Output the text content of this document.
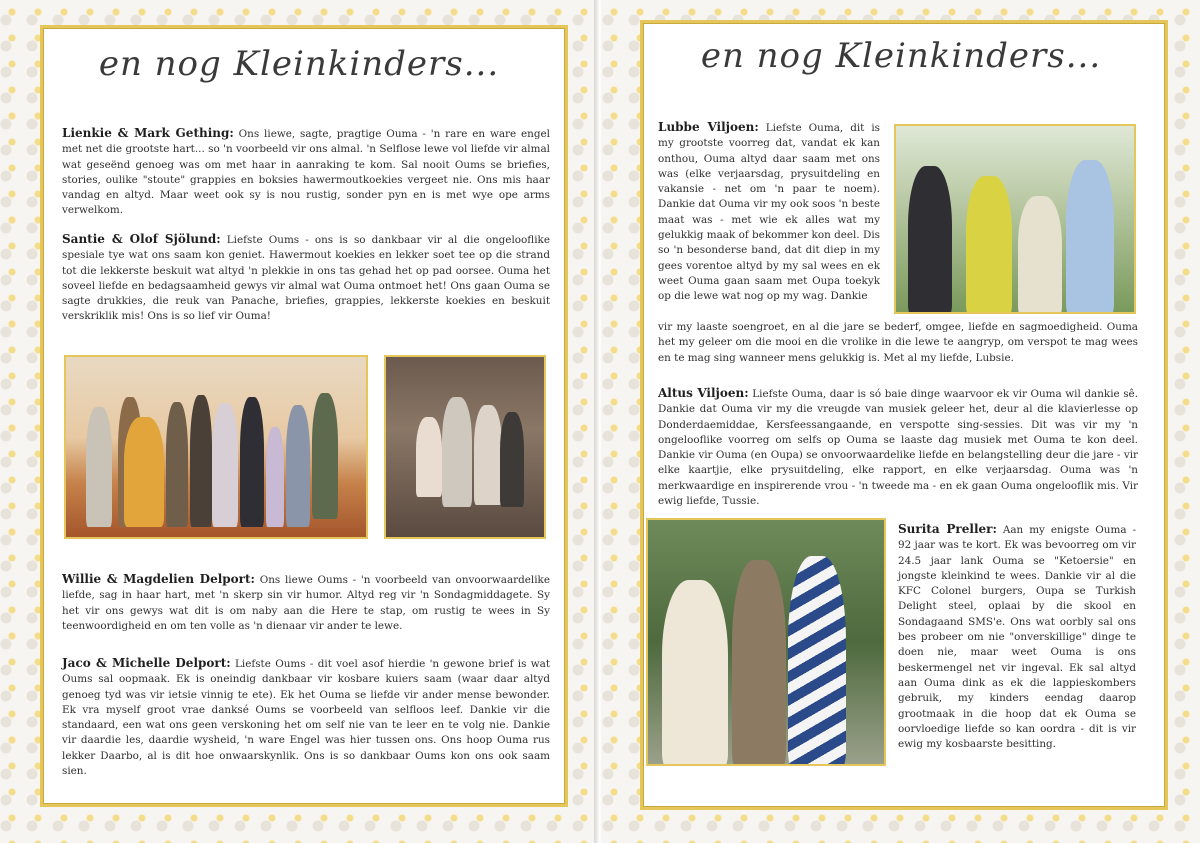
en nog Kleinkinders...

Lienkie & Mark Gething: Ons liewe, sagte, pragtige Ouma - 'n rare en ware engel met net die grootste hart... so 'n voorbeeld vir ons almal. 'n Selflose lewe vol liefde vir almal wat geseënd genoeg was om met haar in aanraking te kom. Sal nooit Oums se briefies, stories, oulike "stoute" grappies en boksies hawermoutkoekies vergeet nie. Ons mis haar vandag en altyd. Maar weet ook sy is nou rustig, sonder pyn en is met wye ope arms verwelkom.

Santie & Olof Sjölund: Liefste Oums - ons is so dankbaar vir al die ongelooflike spesiale tye wat ons saam kon geniet. Hawermout koekies en lekker soet tee op die strand tot die lekkerste beskuit wat altyd 'n plekkie in ons tas gehad het op pad oorsee. Ouma het soveel liefde en bedagsaamheid gewys vir almal wat Ouma ontmoet het! Ons gaan Ouma se sagte drukkies, die reuk van Panache, briefies, grappies, lekkerste koekies en beskuit verskriklik mis! Ons is so lief vir Ouma!

Willie & Magdelien Delport: Ons liewe Oums - 'n voorbeeld van onvoorwaardelike liefde, sag in haar hart, met 'n skerp sin vir humor. Altyd reg vir 'n Sondagmiddagete. Sy het vir ons gewys wat dit is om naby aan die Here te stap, om rustig te wees in Sy teenwoordigheid en om ten volle as 'n dienaar vir ander te lewe.

Jaco & Michelle Delport: Liefste Oums - dit voel asof hierdie 'n gewone brief is wat Oums sal oopmaak. Ek is oneindig dankbaar vir kosbare kuiers saam (waar daar altyd genoeg tyd was vir ietsie vinnig te ete). Ek het Ouma se liefde vir ander mense bewonder. Ek vra myself groot vrae danksé Oums se voorbeeld van selfloos leef. Dankie vir die standaard, een wat ons geen verskoning het om self nie van te leer en te volg nie. Dankie vir daardie les, daardie wysheid, 'n ware Engel was hier tussen ons. Ons hoop Ouma rus lekker Daarbo, al is dit hoe onwaarskynlik. Ons is so dankbaar Oums kon ons ook saam sien.

en nog Kleinkinders...

Lubbe Viljoen: Liefste Ouma, dit is my grootste voorreg dat, vandat ek kan onthou, Ouma altyd daar saam met ons was (elke verjaarsdag, prysuitdeling en vakansie - net om 'n paar te noem). Dankie dat Ouma vir my ook soos 'n beste maat was - met wie ek alles wat my gelukkig maak of bekommer kon deel. Dis so 'n besonderse band, dat dit diep in my gees vorentoe altyd by my sal wees en ek weet Ouma gaan saam met Oupa toekyk op die lewe wat nog op my wag. Dankie

vir my laaste soengroet, en al die jare se bederf, omgee, liefde en sagmoedigheid. Ouma het my geleer om die mooi en die vrolike in die lewe te aangryp, om verspot te mag wees en te mag sing wanneer mens gelukkig is. Met al my liefde, Lubsie.

Altus Viljoen: Liefste Ouma, daar is só baie dinge waarvoor ek vir Ouma wil dankie sê. Dankie dat Ouma vir my die vreugde van musiek geleer het, deur al die klavierlesse op Donderdaemiddae, Kersfeessangaande, en verspotte sing-sessies. Dit was vir my 'n ongelooflike voorreg om selfs op Ouma se laaste dag musiek met Ouma te kon deel. Dankie vir Ouma (en Oupa) se onvoorwaardelike liefde en belangstelling deur die jare - vir elke kaartjie, elke prysuitdeling, elke rapport, en elke verjaarsdag. Ouma was 'n merkwaardige en inspirerende vrou - 'n tweede ma - en ek gaan Ouma ongelooflik mis. Vir ewig liefde, Tussie.

Surita Preller: Aan my enigste Ouma - 92 jaar was te kort. Ek was bevoorreg om vir 24.5 jaar lank Ouma se "Ketoersie" en jongste kleinkind te wees. Dankie vir al die KFC Colonel burgers, Oupa se Turkish Delight steel, oplaai by die skool en Sondagaand SMS'e. Ons wat oorbly sal ons bes probeer om nie "onverskillige" dinge te doen nie, maar weet Ouma is ons beskermengel net vir ingeval. Ek sal altyd aan Ouma dink as ek die lappieskombers gebruik, my kinders eendag daarop grootmaak in die hoop dat ek Ouma se oorvloedige liefde so kan oordra - dit is vir ewig my kosbaarste besitting.
